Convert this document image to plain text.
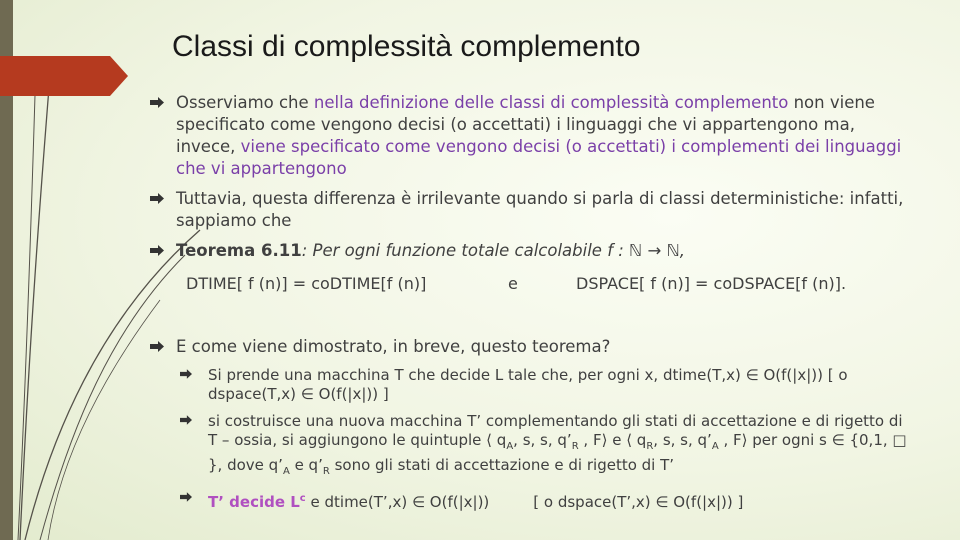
Classi di complessità complemento
Osserviamo che nella definizione delle classi di complessità complemento non viene specificato come vengono decisi (o accettati) i linguaggi che vi appartengono ma, invece, viene specificato come vengono decisi (o accettati) i complementi dei linguaggi che vi appartengono
Tuttavia, questa differenza è irrilevante quando si parla di classi deterministiche: infatti, sappiamo che
Teorema 6.11: Per ogni funzione totale calcolabile f : ℕ → ℕ,
DTIME[ f (n)] = coDTIME[f (n)]	e	DSPACE[ f (n)] = coDSPACE[f (n)].
E come viene dimostrato, in breve, questo teorema?
Si prende una macchina T che decide L tale che, per ogni x, dtime(T,x) ∈ O(f(|x|)) [ o dspace(T,x) ∈ O(f(|x|)) ]
si costruisce una nuova macchina T’ complementando gli stati di accettazione e di rigetto di T – ossia, si aggiungono le quintuple ⟨ $q_A$, s, s, $q’_R$ , F⟩ e ⟨ $q_R$, s, s, $q’_A$ , F⟩ per ogni s ∈ {0,1, □ }, dove $q’_A$ e $q’_R$ sono gli stati di accettazione e di rigetto di T’
T’ decide $L^c$ e dtime(T’,x) ∈ O(f(|x|))	[ o dspace(T’,x) ∈ O(f(|x|)) ]
